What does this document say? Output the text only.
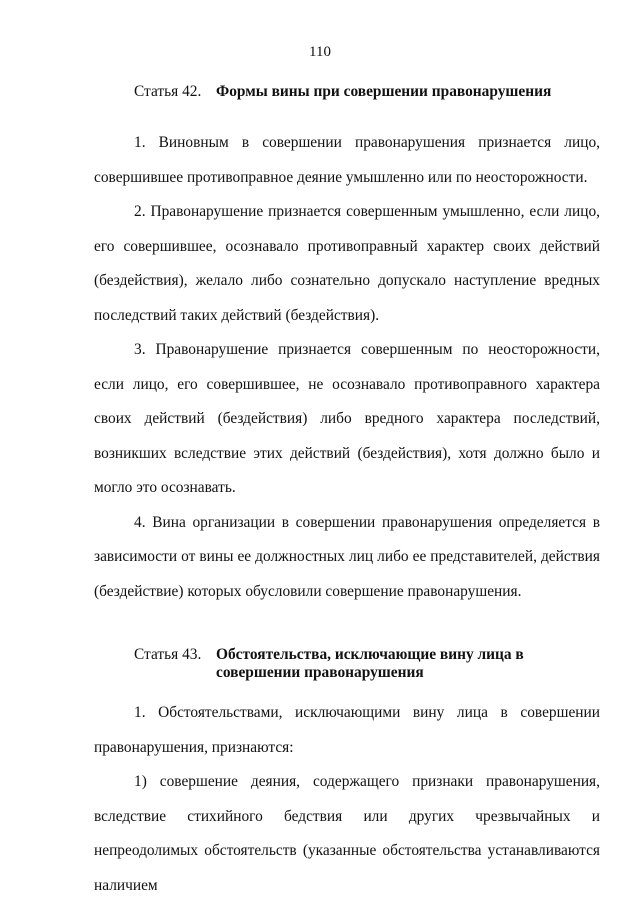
110
Статья 42. Формы вины при совершении правонарушения

1. Виновным в совершении правонарушения признается лицо, совершившее противоправное деяние умышленно или по неосторожности.

2. Правонарушение признается совершенным умышленно, если лицо, его совершившее, осознавало противоправный характер своих действий (бездействия), желало либо сознательно допускало наступление вредных последствий таких действий (бездействия).

3. Правонарушение признается совершенным по неосторожности, если лицо, его совершившее, не осознавало противоправного характера своих действий (бездействия) либо вредного характера последствий, возникших вследствие этих действий (бездействия), хотя должно было и могло это осознавать.

4. Вина организации в совершении правонарушения определяется в зависимости от вины ее должностных лиц либо ее представителей, действия (бездействие) которых обусловили совершение правонарушения.

Статья 43. Обстоятельства, исключающие вину лица в совершении правонарушения

1. Обстоятельствами, исключающими вину лица в совершении правонарушения, признаются:

1) совершение деяния, содержащего признаки правонарушения, вследствие стихийного бедствия или других чрезвычайных и непреодолимых обстоятельств (указанные обстоятельства устанавливаются наличием
